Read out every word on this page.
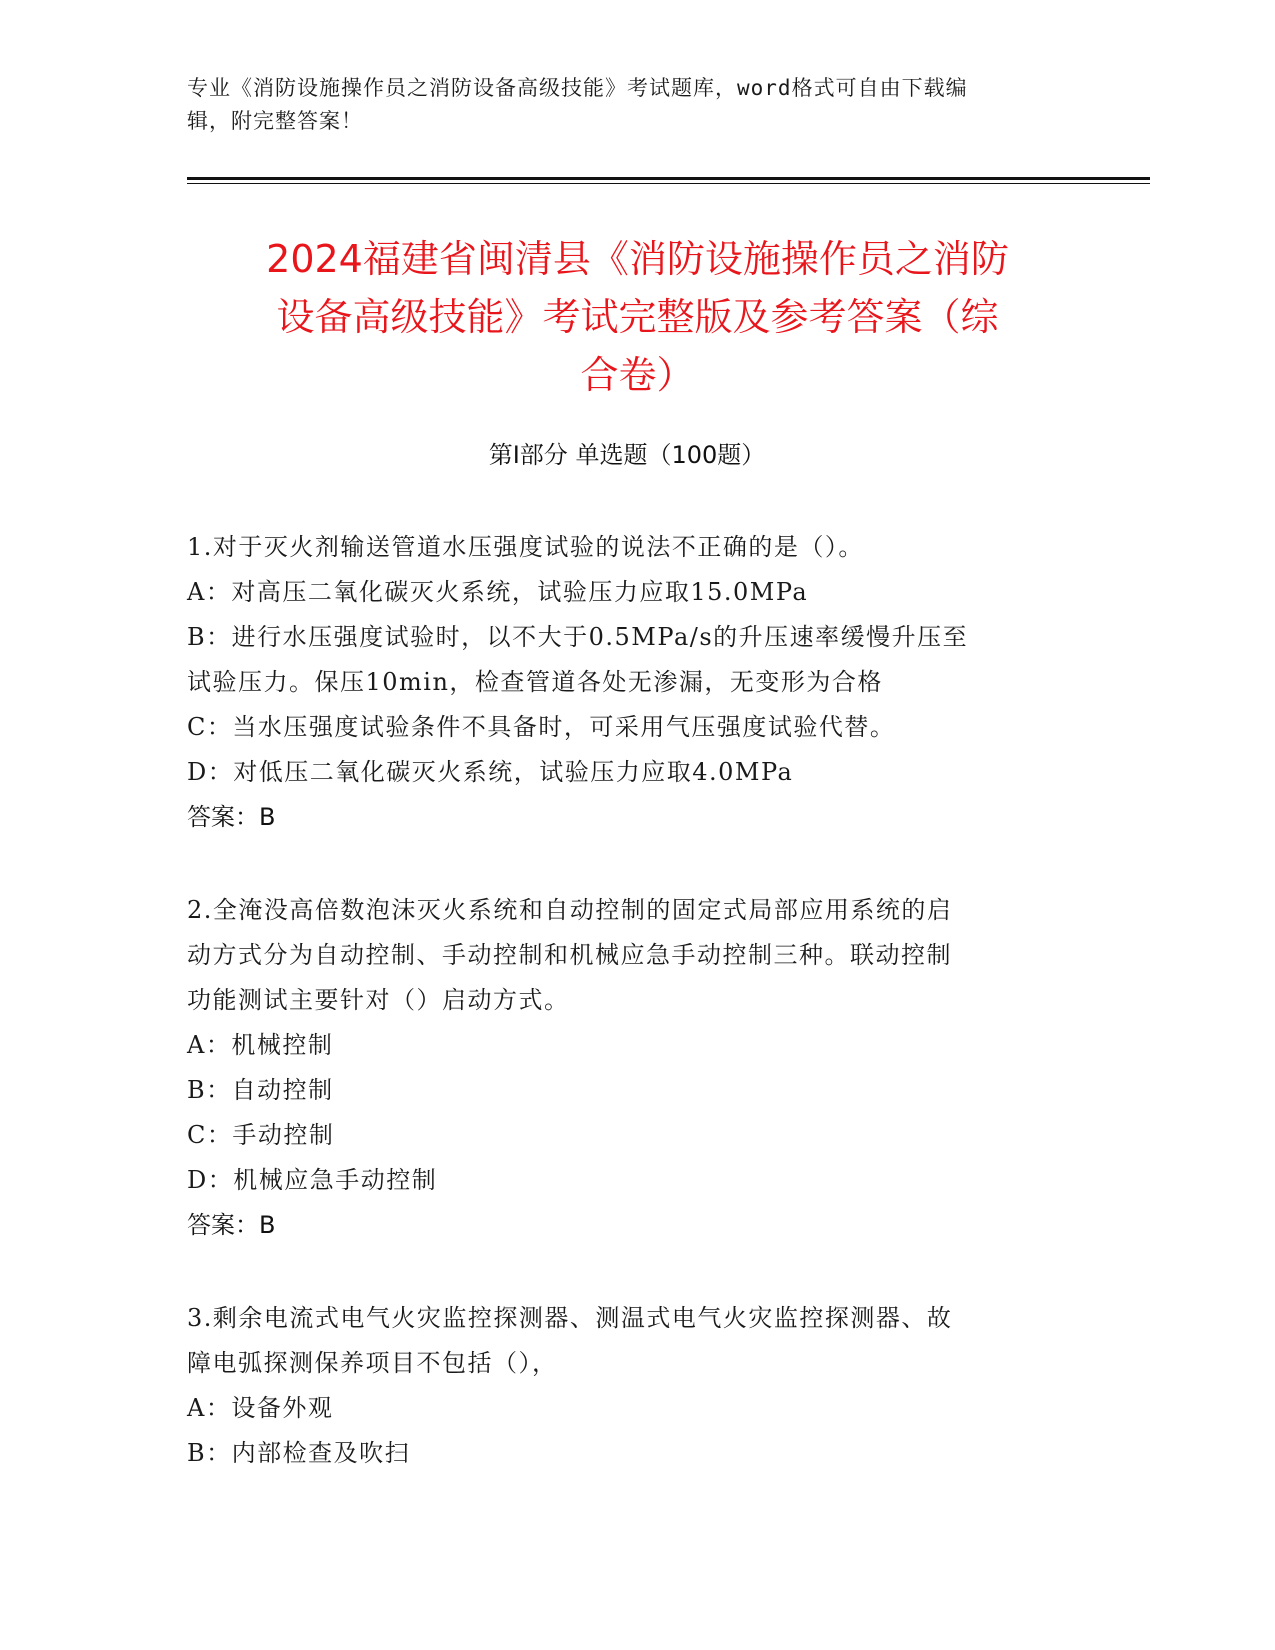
专业《消防设施操作员之消防设备高级技能》考试题库，word格式可自由下载编
辑，附完整答案！
2024福建省闽清县《消防设施操作员之消防
设备高级技能》考试完整版及参考答案（综
合卷）
第Ⅰ部分 单选题（100题）
1.对于灭火剂输送管道水压强度试验的说法不正确的是（）。
A：对高压二氧化碳灭火系统，试验压力应取15.0MPa
B：进行水压强度试验时，以不大于0.5MPa/s的升压速率缓慢升压至
试验压力。保压10min，检查管道各处无渗漏，无变形为合格
C：当水压强度试验条件不具备时，可采用气压强度试验代替。
D：对低压二氧化碳灭火系统，试验压力应取4.0MPa
答案：B
2.全淹没高倍数泡沫灭火系统和自动控制的固定式局部应用系统的启
动方式分为自动控制、手动控制和机械应急手动控制三种。联动控制
功能测试主要针对（）启动方式。
A：机械控制
B：自动控制
C：手动控制
D：机械应急手动控制
答案：B
3.剩余电流式电气火灾监控探测器、测温式电气火灾监控探测器、故
障电弧探测保养项目不包括（），
A：设备外观
B：内部检查及吹扫
